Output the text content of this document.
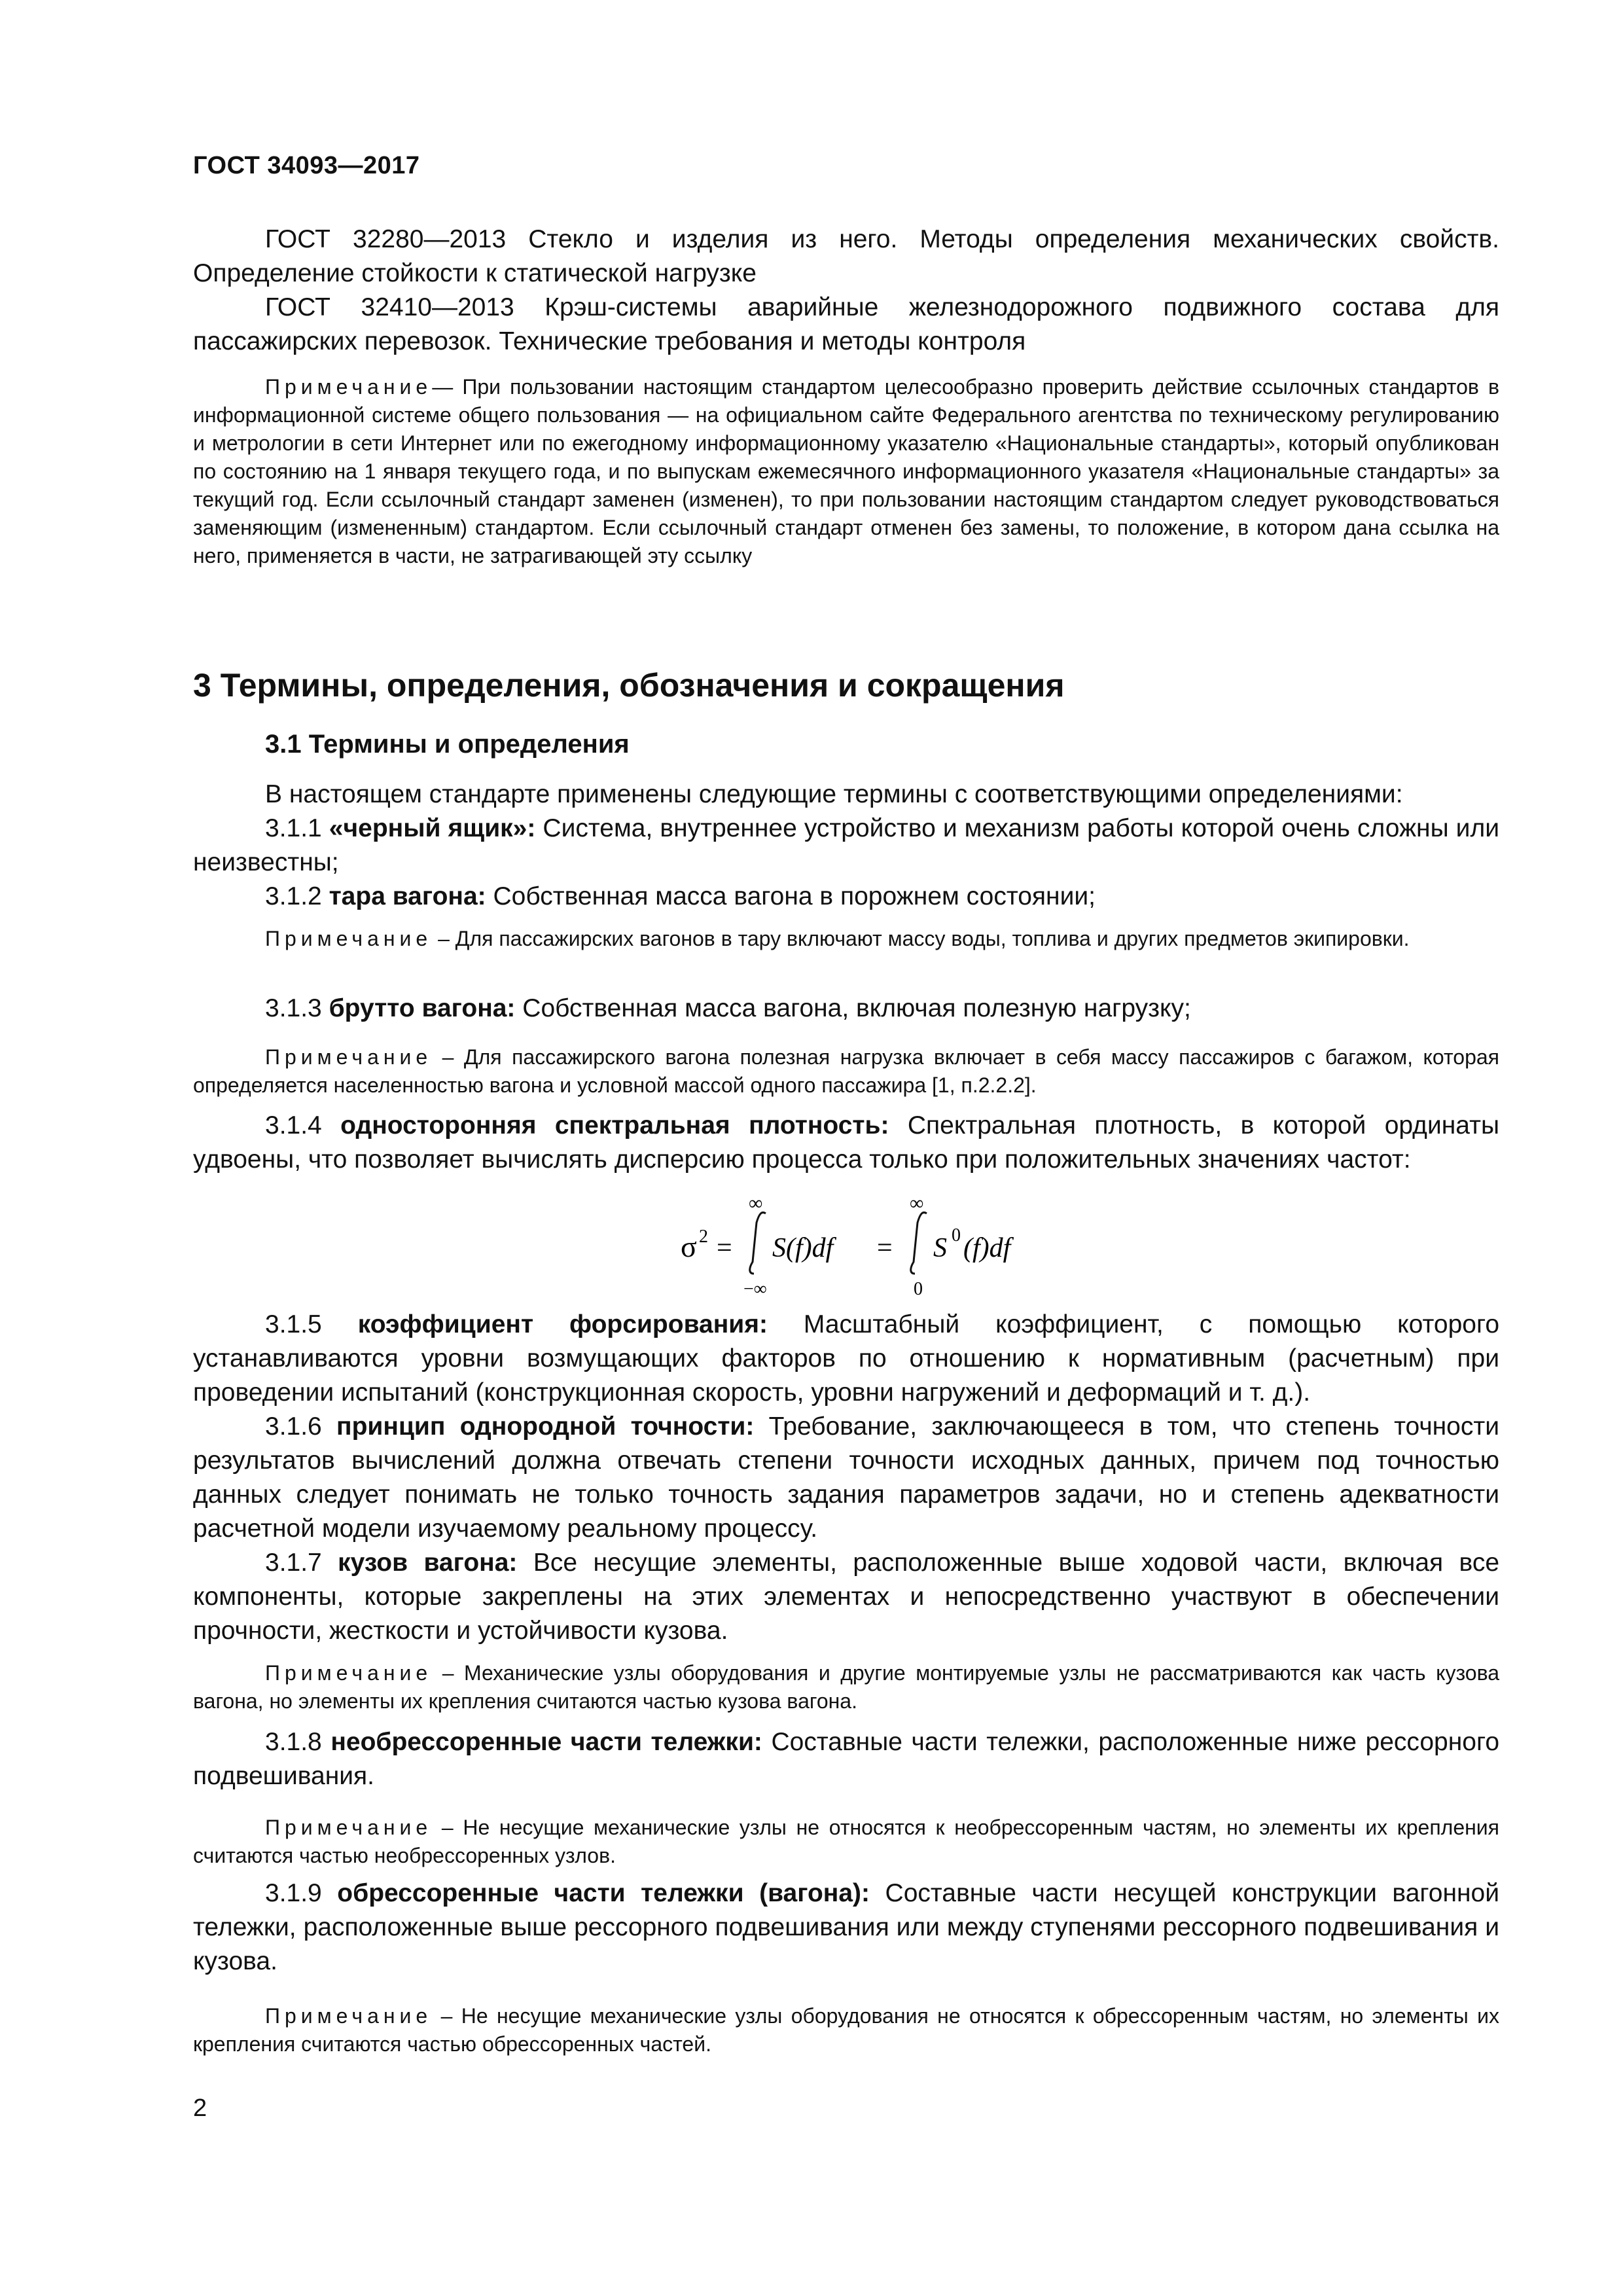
ГОСТ 34093—2017

ГОСТ 32280—2013 Стекло и изделия из него. Методы определения механических свойств. Определение стойкости к статической нагрузке

ГОСТ 32410—2013 Крэш-системы аварийные железнодорожного подвижного состава для пассажирских перевозок. Технические требования и методы контроля

Примечание— При пользовании настоящим стандартом целесообразно проверить действие ссылочных стандартов в информационной системе общего пользования — на официальном сайте Федерального агентства по техническому регулированию и метрологии в сети Интернет или по ежегодному информационному указателю «Национальные стандарты», который опубликован по состоянию на 1 января текущего года, и по выпускам ежемесячного информационного указателя «Национальные стандарты» за текущий год. Если ссылочный стандарт заменен (изменен), то при пользовании настоящим стандартом следует руководствоваться заменяющим (измененным) стандартом. Если ссылочный стандарт отменен без замены, то положение, в котором дана ссылка на него, применяется в части, не затрагивающей эту ссылку

3 Термины, определения, обозначения и сокращения

3.1 Термины и определения

В настоящем стандарте применены следующие термины с соответствующими определениями:

3.1.1 «черный ящик»: Система, внутреннее устройство и механизм работы которой очень сложны или неизвестны;

3.1.2 тара вагона: Собственная масса вагона в порожнем состоянии;

Примечание – Для пассажирских вагонов в тару включают массу воды, топлива и других предметов экипировки.

3.1.3 брутто вагона: Собственная масса вагона, включая полезную нагрузку;

Примечание – Для пассажирского вагона полезная нагрузка включает в себя массу пассажиров с багажом, которая определяется населенностью вагона и условной массой одного пассажира [1, п.2.2.2].

3.1.4 односторонняя спектральная плотность: Спектральная плотность, в которой ординаты удвоены, что позволяет вычислять дисперсию процесса только при положительных значениях частот:

σ 2 =
∞
−∞
S(f)df =
∞
0
S 0 (f)df

3.1.5 коэффициент форсирования: Масштабный коэффициент, с помощью которого устанавливаются уровни возмущающих факторов по отношению к нормативным (расчетным) при проведении испытаний (конструкционная скорость, уровни нагружений и деформаций и т. д.).

3.1.6 принцип однородной точности: Требование, заключающееся в том, что степень точности результатов вычислений должна отвечать степени точности исходных данных, причем под точностью данных следует понимать не только точность задания параметров задачи, но и степень адекватности расчетной модели изучаемому реальному процессу.

3.1.7 кузов вагона: Все несущие элементы, расположенные выше ходовой части, включая все компоненты, которые закреплены на этих элементах и непосредственно участвуют в обеспечении прочности, жесткости и устойчивости кузова.

Примечание – Механические узлы оборудования и другие монтируемые узлы не рассматриваются как часть кузова вагона, но элементы их крепления считаются частью кузова вагона.

3.1.8 необрессоренные части тележки: Составные части тележки, расположенные ниже рессорного подвешивания.

Примечание – Не несущие механические узлы не относятся к необрессоренным частям, но элементы их крепления считаются частью необрессоренных узлов.

3.1.9 обрессоренные части тележки (вагона): Составные части несущей конструкции вагонной тележки, расположенные выше рессорного подвешивания или между ступенями рессорного подвешивания и кузова.

Примечание – Не несущие механические узлы оборудования не относятся к обрессоренным частям, но элементы их крепления считаются частью обрессоренных частей.

2
